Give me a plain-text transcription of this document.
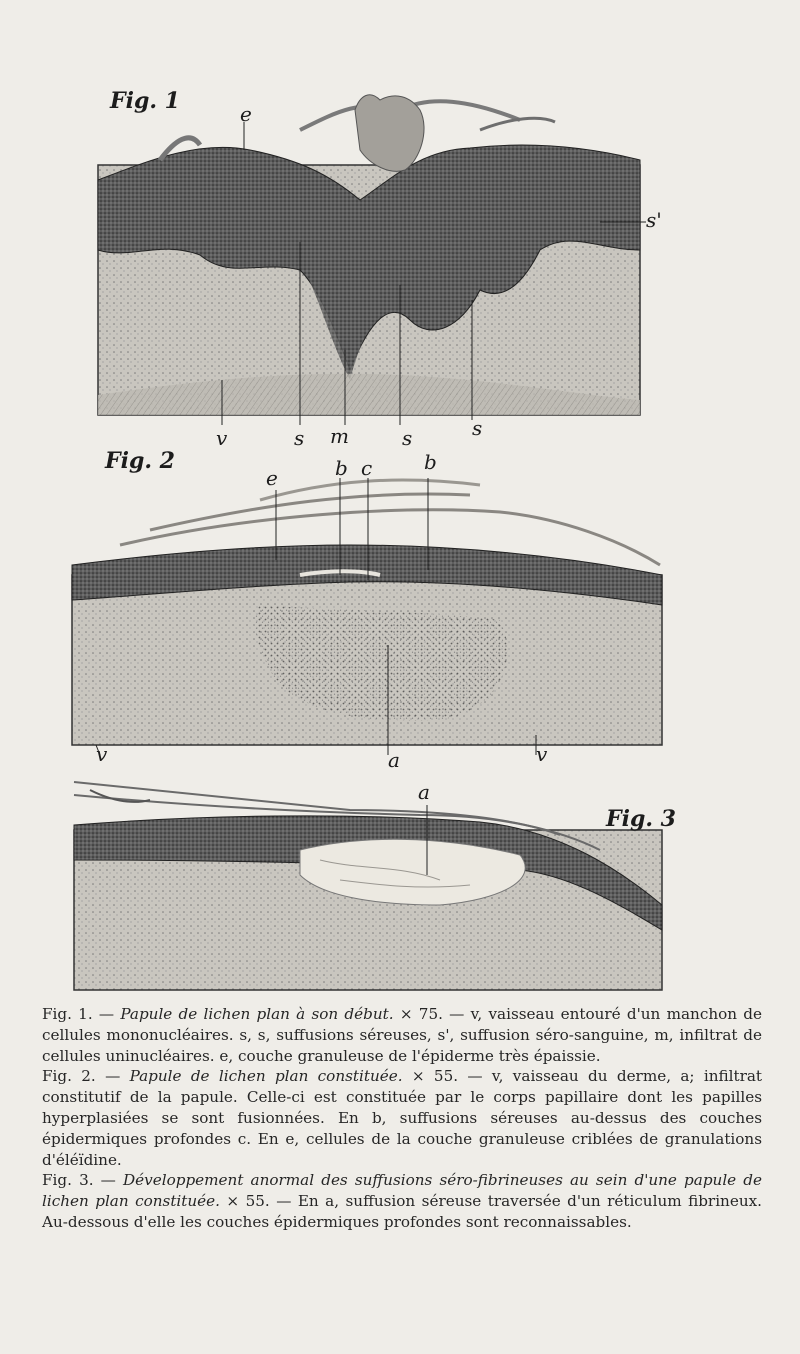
Fig. 1
Fig. 2
Fig. 3
e
s'
v	s m	s	s
e	b c	b
v	a	v
a

Fig. 1. — Papule de lichen plan à son début. × 75. — v, vaisseau entouré d'un manchon de cellules mononucléaires. s, s, suffusions séreuses, s', suffusion séro-sanguine, m, infiltrat de cellules uninucléaires. e, couche granuleuse de l'épiderme très épaissie.

Fig. 2. — Papule de lichen plan constituée. × 55. — v, vaisseau du derme, a; infiltrat constitutif de la papule. Celle-ci est constituée par le corps papillaire dont les papilles hyperplasiées se sont fusionnées. En b, suffusions séreuses au-dessus des couches épidermiques profondes c. En e, cellules de la couche granuleuse criblées de granulations d'éléïdine.

Fig. 3. — Développement anormal des suffusions séro-fibrineuses au sein d'une papule de lichen plan constituée. × 55. — En a, suffusion séreuse traversée d'un réticulum fibrineux. Au-dessous d'elle les couches épidermiques profondes sont reconnaissables.
